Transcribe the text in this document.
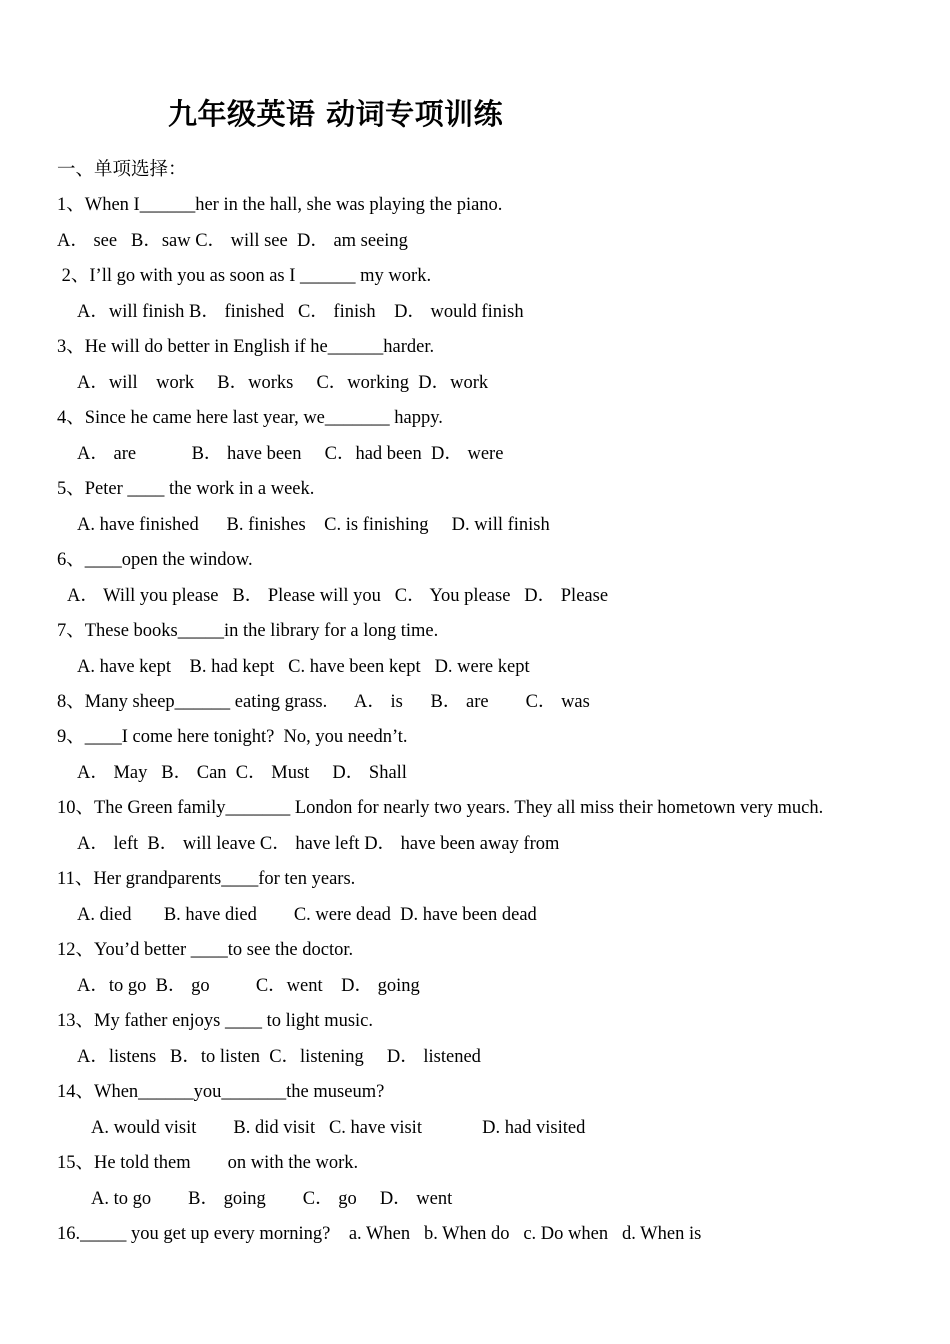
九年级英语 动词专项训练
一、单项选择：
1、When I______her in the hall, she was playing the piano.
A． see   B．saw C． will see  D． am seeing
2、I’ll go with you as soon as I ______ my work.
A．will finish B． finished   C． finish    D． would finish
3、He will do better in English if he______harder.
A．will    work     B．works     C．working  D．work
4、Since he came here last year, we_______ happy.
A． are            B． have been     C．had been  D． were
5、Peter ____ the work in a week.
A. have finished      B. finishes    C. is finishing     D. will finish
6、____open the window.
A． Will you please   B． Please will you   C． You please   D． Please
7、These books_____in the library for a long time.
A. have kept    B. had kept   C. have been kept   D. were kept
8、Many sheep______ eating grass.      A． is      B． are        C． was
9、____I come here tonight?  No, you needn’t.
A． May   B． Can  C． Must     D． Shall
10、The Green family_______ London for nearly two years. They all miss their hometown very much.
A． left  B． will leave C． have left D． have been away from
11、Her grandparents____for ten years.
A. died       B. have died        C. were dead  D. have been dead
12、You’d better ____to see the doctor.
A．to go  B． go          C．went    D． going
13、My father enjoys ____ to light music.
A．listens   B．to listen  C．listening     D． listened
14、When______you_______the museum?
A. would visit        B. did visit   C. have visit             D. had visited
15、He told them        on with the work.
A. to go        B． going        C． go     D． went
16._____ you get up every morning?    a. When   b. When do   c. Do when   d. When is
